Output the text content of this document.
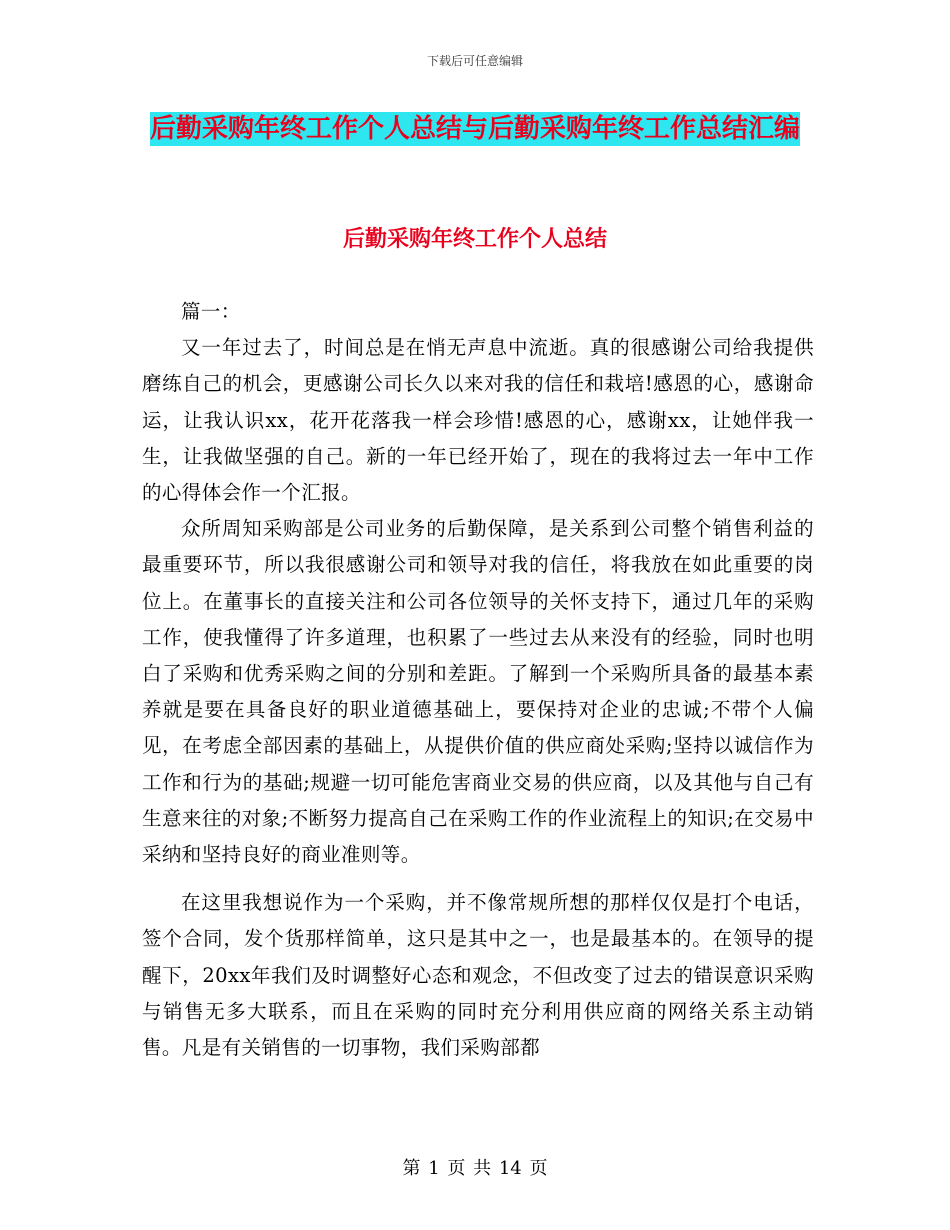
下载后可任意编辑
后勤采购年终工作个人总结与后勤采购年终工作总结汇编
后勤采购年终工作个人总结

篇一：

又一年过去了，时间总是在悄无声息中流逝。真的很感谢公司给我提供磨练自己的机会，更感谢公司长久以来对我的信任和栽培!感恩的心，感谢命运，让我认识xx，花开花落我一样会珍惜!感恩的心，感谢xx，让她伴我一生，让我做坚强的自己。新的一年已经开始了，现在的我将过去一年中工作的心得体会作一个汇报。

众所周知采购部是公司业务的后勤保障，是关系到公司整个销售利益的最重要环节，所以我很感谢公司和领导对我的信任，将我放在如此重要的岗位上。在董事长的直接关注和公司各位领导的关怀支持下，通过几年的采购工作，使我懂得了许多道理，也积累了一些过去从来没有的经验，同时也明白了采购和优秀采购之间的分别和差距。了解到一个采购所具备的最基本素养就是要在具备良好的职业道德基础上，要保持对企业的忠诚;不带个人偏见，在考虑全部因素的基础上，从提供价值的供应商处采购;坚持以诚信作为工作和行为的基础;规避一切可能危害商业交易的供应商，以及其他与自己有生意来往的对象;不断努力提高自己在采购工作的作业流程上的知识;在交易中采纳和坚持良好的商业准则等。

在这里我想说作为一个采购，并不像常规所想的那样仅仅是打个电话，签个合同，发个货那样简单，这只是其中之一，也是最基本的。在领导的提醒下，20xx年我们及时调整好心态和观念，不但改变了过去的错误意识采购与销售无多大联系，而且在采购的同时充分利用供应商的网络关系主动销售。凡是有关销售的一切事物，我们采购部都

第 1 页 共 14 页
